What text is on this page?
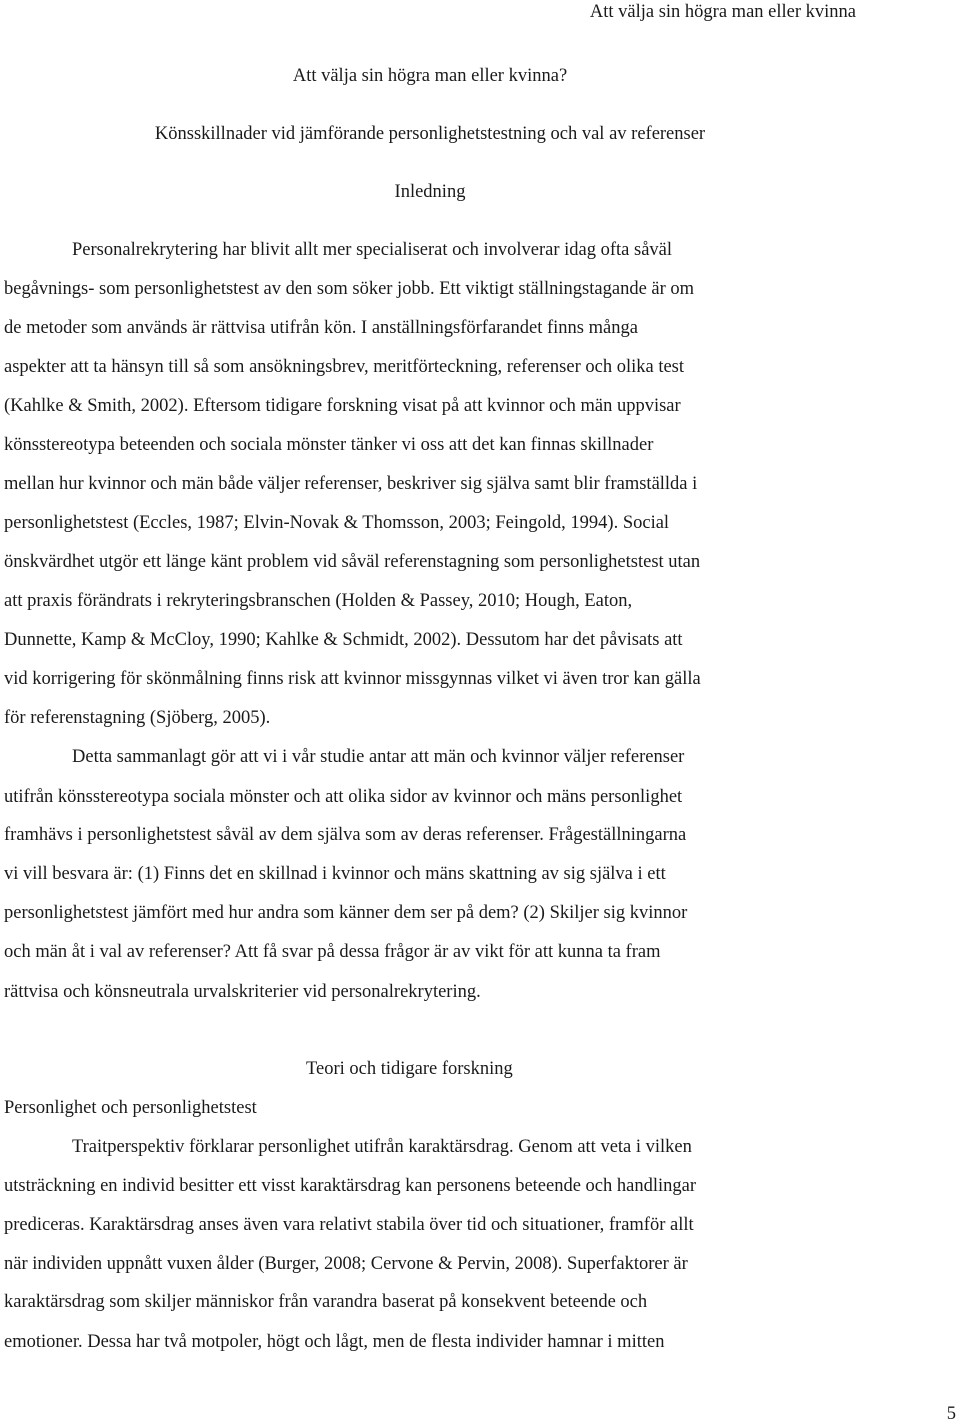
Att välja sin högra man eller kvinna
Att välja sin högra man eller kvinna?
Könsskillnader vid jämförande personlighetstestning och val av referenser
Inledning
Personalrekrytering har blivit allt mer specialiserat och involverar idag ofta såväl
begåvnings- som personlighetstest av den som söker jobb. Ett viktigt ställningstagande är om
de metoder som används är rättvisa utifrån kön. I anställningsförfarandet finns många
aspekter att ta hänsyn till så som ansökningsbrev, meritförteckning, referenser och olika test
(Kahlke & Smith, 2002). Eftersom tidigare forskning visat på att kvinnor och män uppvisar
könsstereotypa beteenden och sociala mönster tänker vi oss att det kan finnas skillnader
mellan hur kvinnor och män både väljer referenser, beskriver sig själva samt blir framställda i
personlighetstest (Eccles, 1987; Elvin-Novak & Thomsson, 2003; Feingold, 1994). Social
önskvärdhet utgör ett länge känt problem vid såväl referenstagning som personlighetstest utan
att praxis förändrats i rekryteringsbranschen (Holden & Passey, 2010; Hough, Eaton,
Dunnette, Kamp & McCloy, 1990; Kahlke & Schmidt, 2002). Dessutom har det påvisats att
vid korrigering för skönmålning finns risk att kvinnor missgynnas vilket vi även tror kan gälla
för referenstagning (Sjöberg, 2005).
Detta sammanlagt gör att vi i vår studie antar att män och kvinnor väljer referenser
utifrån könsstereotypa sociala mönster och att olika sidor av kvinnor och mäns personlighet
framhävs i personlighetstest såväl av dem själva som av deras referenser. Frågeställningarna
vi vill besvara är: (1) Finns det en skillnad i kvinnor och mäns skattning av sig själva i ett
personlighetstest jämfört med hur andra som känner dem ser på dem? (2) Skiljer sig kvinnor
och män åt i val av referenser? Att få svar på dessa frågor är av vikt för att kunna ta fram
rättvisa och könsneutrala urvalskriterier vid personalrekrytering.
Teori och tidigare forskning
Personlighet och personlighetstest
Traitperspektiv förklarar personlighet utifrån karaktärsdrag. Genom att veta i vilken
utsträckning en individ besitter ett visst karaktärsdrag kan personens beteende och handlingar
prediceras. Karaktärsdrag anses även vara relativt stabila över tid och situationer, framför allt
när individen uppnått vuxen ålder (Burger, 2008; Cervone & Pervin, 2008). Superfaktorer är
karaktärsdrag som skiljer människor från varandra baserat på konsekvent beteende och
emotioner. Dessa har två motpoler, högt och lågt, men de flesta individer hamnar i mitten
5
